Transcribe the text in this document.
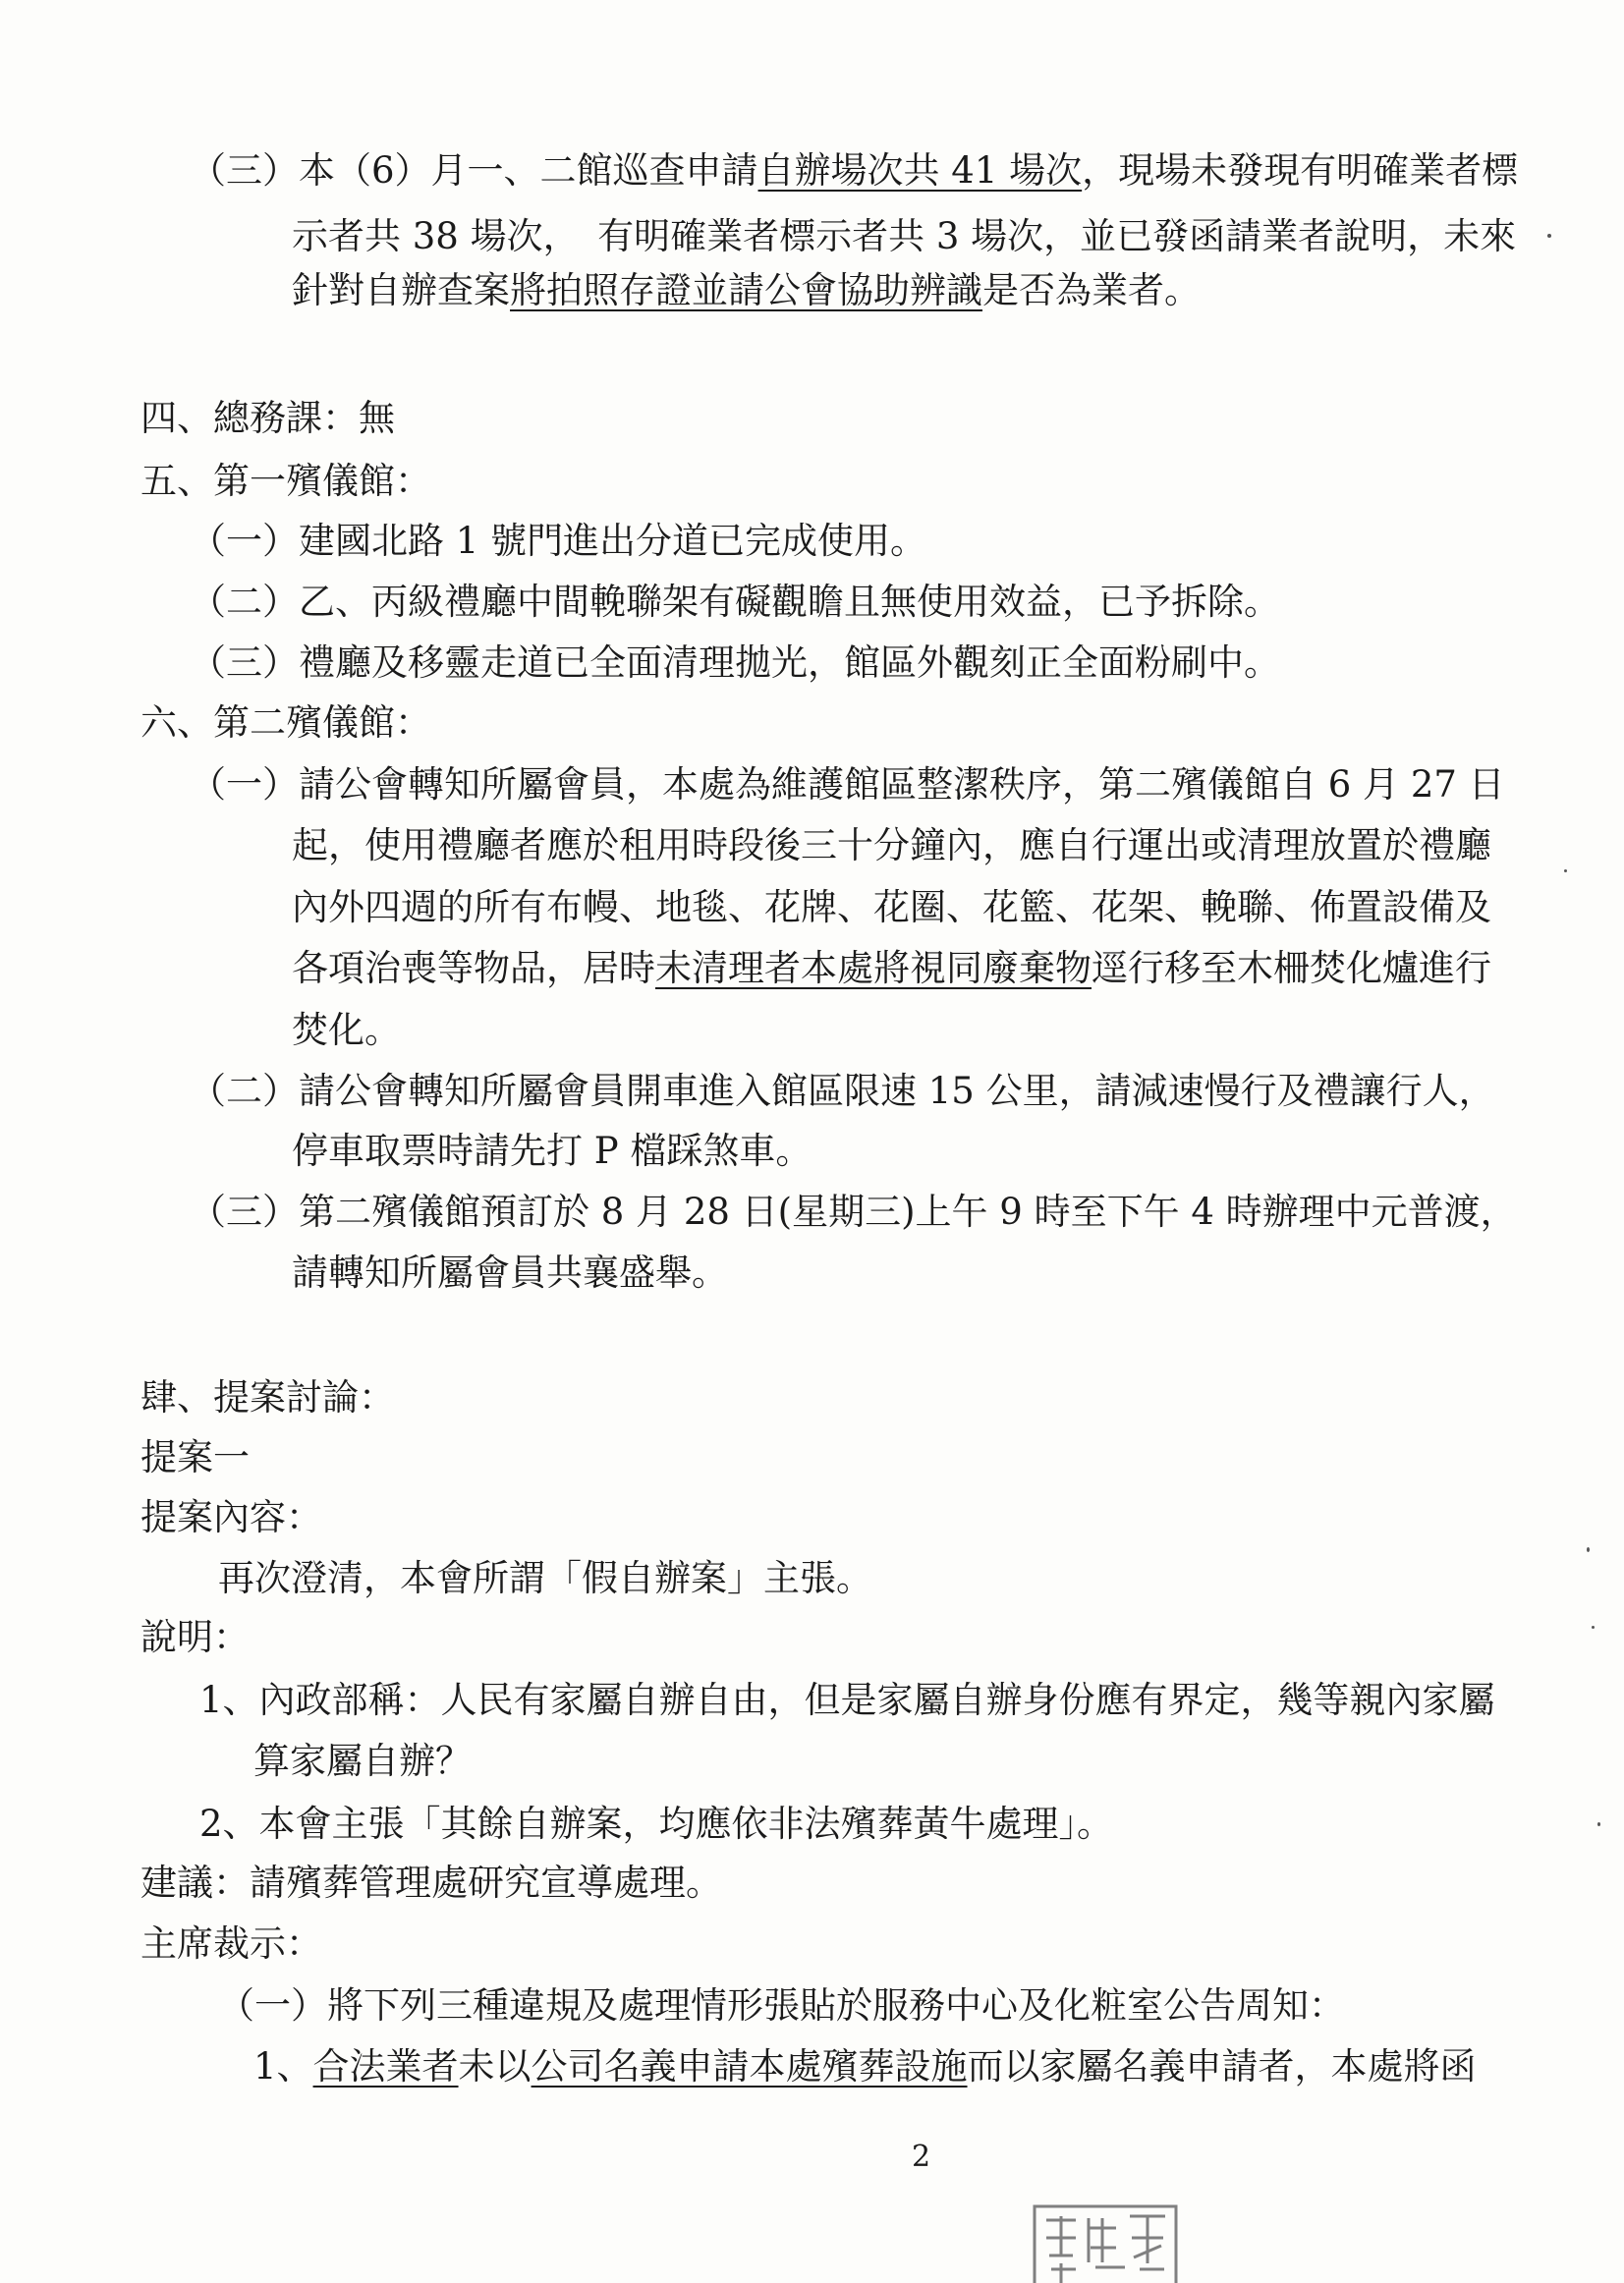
（三）本（6）月一、二館巡查申請自辦場次共 41 場次，現場未發現有明確業者標
示者共 38 場次，　有明確業者標示者共 3 場次，並已發函請業者說明，未來
針對自辦查案將拍照存證並請公會協助辨識是否為業者。
四、總務課：無
五、第一殯儀館：
（一）建國北路 1 號門進出分道已完成使用。
（二）乙、丙級禮廳中間輓聯架有礙觀瞻且無使用效益，已予拆除。
（三）禮廳及移靈走道已全面清理拋光，館區外觀刻正全面粉刷中。
六、第二殯儀館：
（一）請公會轉知所屬會員，本處為維護館區整潔秩序，第二殯儀館自 6 月 27 日
起，使用禮廳者應於租用時段後三十分鐘內，應自行運出或清理放置於禮廳
內外四週的所有布幔、地毯、花牌、花圈、花籃、花架、輓聯、佈置設備及
各項治喪等物品，居時未清理者本處將視同廢棄物逕行移至木柵焚化爐進行
焚化。
（二）請公會轉知所屬會員開車進入館區限速 15 公里，請減速慢行及禮讓行人，
停車取票時請先打 P 檔踩煞車。
（三）第二殯儀館預訂於 8 月 28 日(星期三)上午 9 時至下午 4 時辦理中元普渡，
請轉知所屬會員共襄盛舉。
肆、提案討論：
提案一
提案內容：
再次澄清，本會所謂「假自辦案」主張。
說明：
1、內政部稱：人民有家屬自辦自由，但是家屬自辦身份應有界定，幾等親內家屬
算家屬自辦？
2、本會主張「其餘自辦案，均應依非法殯葬黃牛處理」。
建議：請殯葬管理處研究宣導處理。
主席裁示：
（一）將下列三種違規及處理情形張貼於服務中心及化粧室公告周知：
1、合法業者未以公司名義申請本處殯葬設施而以家屬名義申請者，本處將函
2
